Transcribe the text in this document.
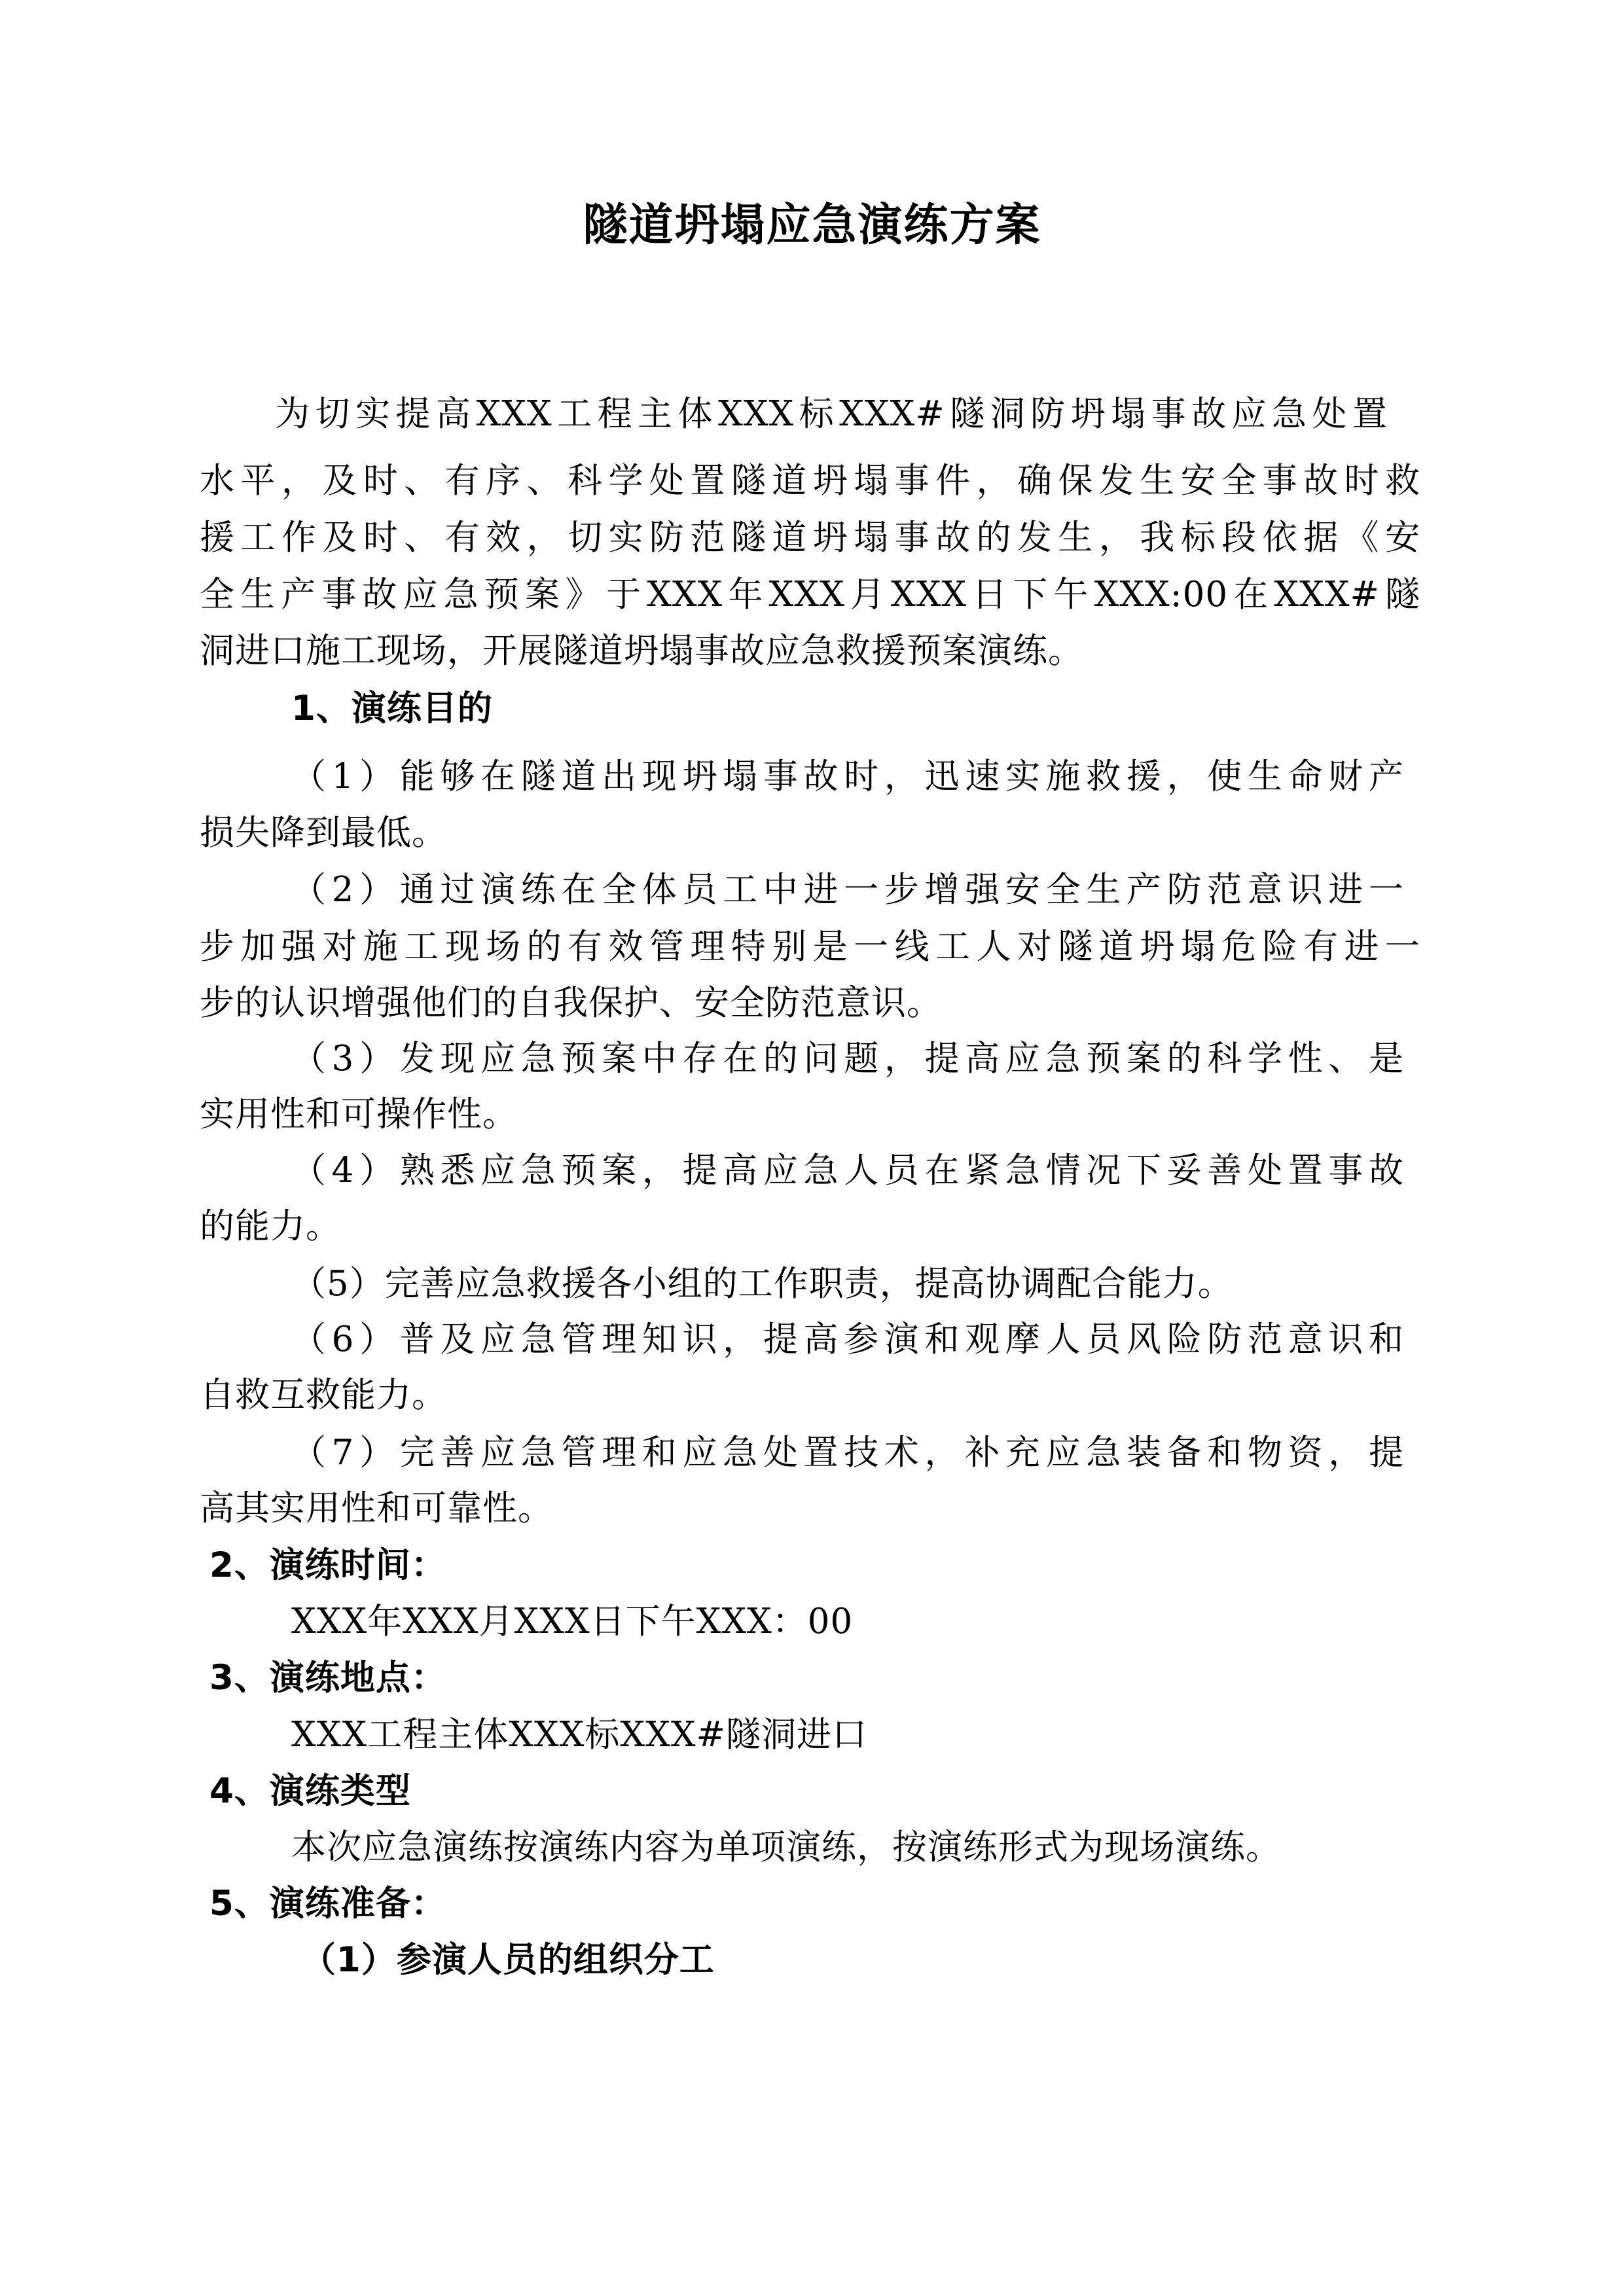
隧道坍塌应急演练方案
为切实提高XXX工程主体XXX标XXX#隧洞防坍塌事故应急处置
水平，及时、有序、科学处置隧道坍塌事件，确保发生安全事故时救
援工作及时、有效，切实防范隧道坍塌事故的发生，我标段依据《安
全生产事故应急预案》于XXX年XXX月XXX日下午XXX:00在XXX#隧
洞进口施工现场，开展隧道坍塌事故应急救援预案演练。
1、演练目的
（1）能够在隧道出现坍塌事故时，迅速实施救援，使生命财产
损失降到最低。
（2）通过演练在全体员工中进一步增强安全生产防范意识进一
步加强对施工现场的有效管理特别是一线工人对隧道坍塌危险有进一
步的认识增强他们的自我保护、安全防范意识。
（3）发现应急预案中存在的问题，提高应急预案的科学性、是
实用性和可操作性。
（4）熟悉应急预案，提高应急人员在紧急情况下妥善处置事故
的能力。
（5）完善应急救援各小组的工作职责，提高协调配合能力。
（6）普及应急管理知识，提高参演和观摩人员风险防范意识和
自救互救能力。
（7）完善应急管理和应急处置技术，补充应急装备和物资，提
高其实用性和可靠性。
2、演练时间：
XXX年XXX月XXX日下午XXX：00
3、演练地点：
XXX工程主体XXX标XXX#隧洞进口
4、演练类型
本次应急演练按演练内容为单项演练，按演练形式为现场演练。
5、演练准备：
（1）参演人员的组织分工
